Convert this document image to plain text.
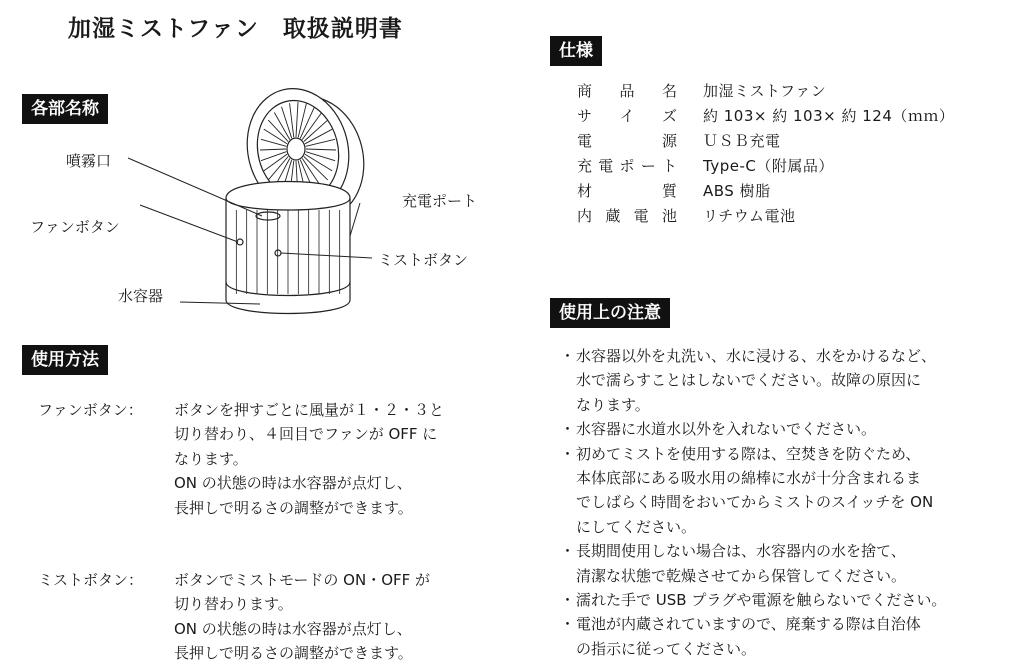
加湿ミストファン　取扱説明書
各部名称
噴霧口
ファンボタン
水容器
充電ポート
ミストボタン
使用方法
ファンボタン： ボタンを押すごとに風量が１・２・３と
切り替わり、４回目でファンが OFF に
なります。
ON の状態の時は水容器が点灯し、
長押しで明るさの調整ができます。
ミストボタン： ボタンでミストモードの ON・OFF が
切り替わります。
ON の状態の時は水容器が点灯し、
長押しで明るさの調整ができます。
仕様
商 品 名 加湿ミストファン
サ イ ズ 約 103× 約 103× 約 124（ｍｍ）
電	源 ＵＳＢ充電
充 電 ポ ー ト Type-C（附属品）
材	質 ABS 樹脂
内 蔵 電 池 リチウム電池
使用上の注意
・ 水容器以外を丸洗い、水に浸ける、水をかけるなど、
水で濡らすことはしないでください。故障の原因に
なります。
・ 水容器に水道水以外を入れないでください。
・ 初めてミストを使用する際は、空焚きを防ぐため、
本体底部にある吸水用の綿棒に水が十分含まれるま
でしばらく時間をおいてからミストのスイッチを ON
にしてください。
・ 長期間使用しない場合は、水容器内の水を捨て、
清潔な状態で乾燥させてから保管してください。
・ 濡れた手で USB プラグや電源を触らないでください。
・ 電池が内蔵されていますので、廃棄する際は自治体
の指示に従ってください。
